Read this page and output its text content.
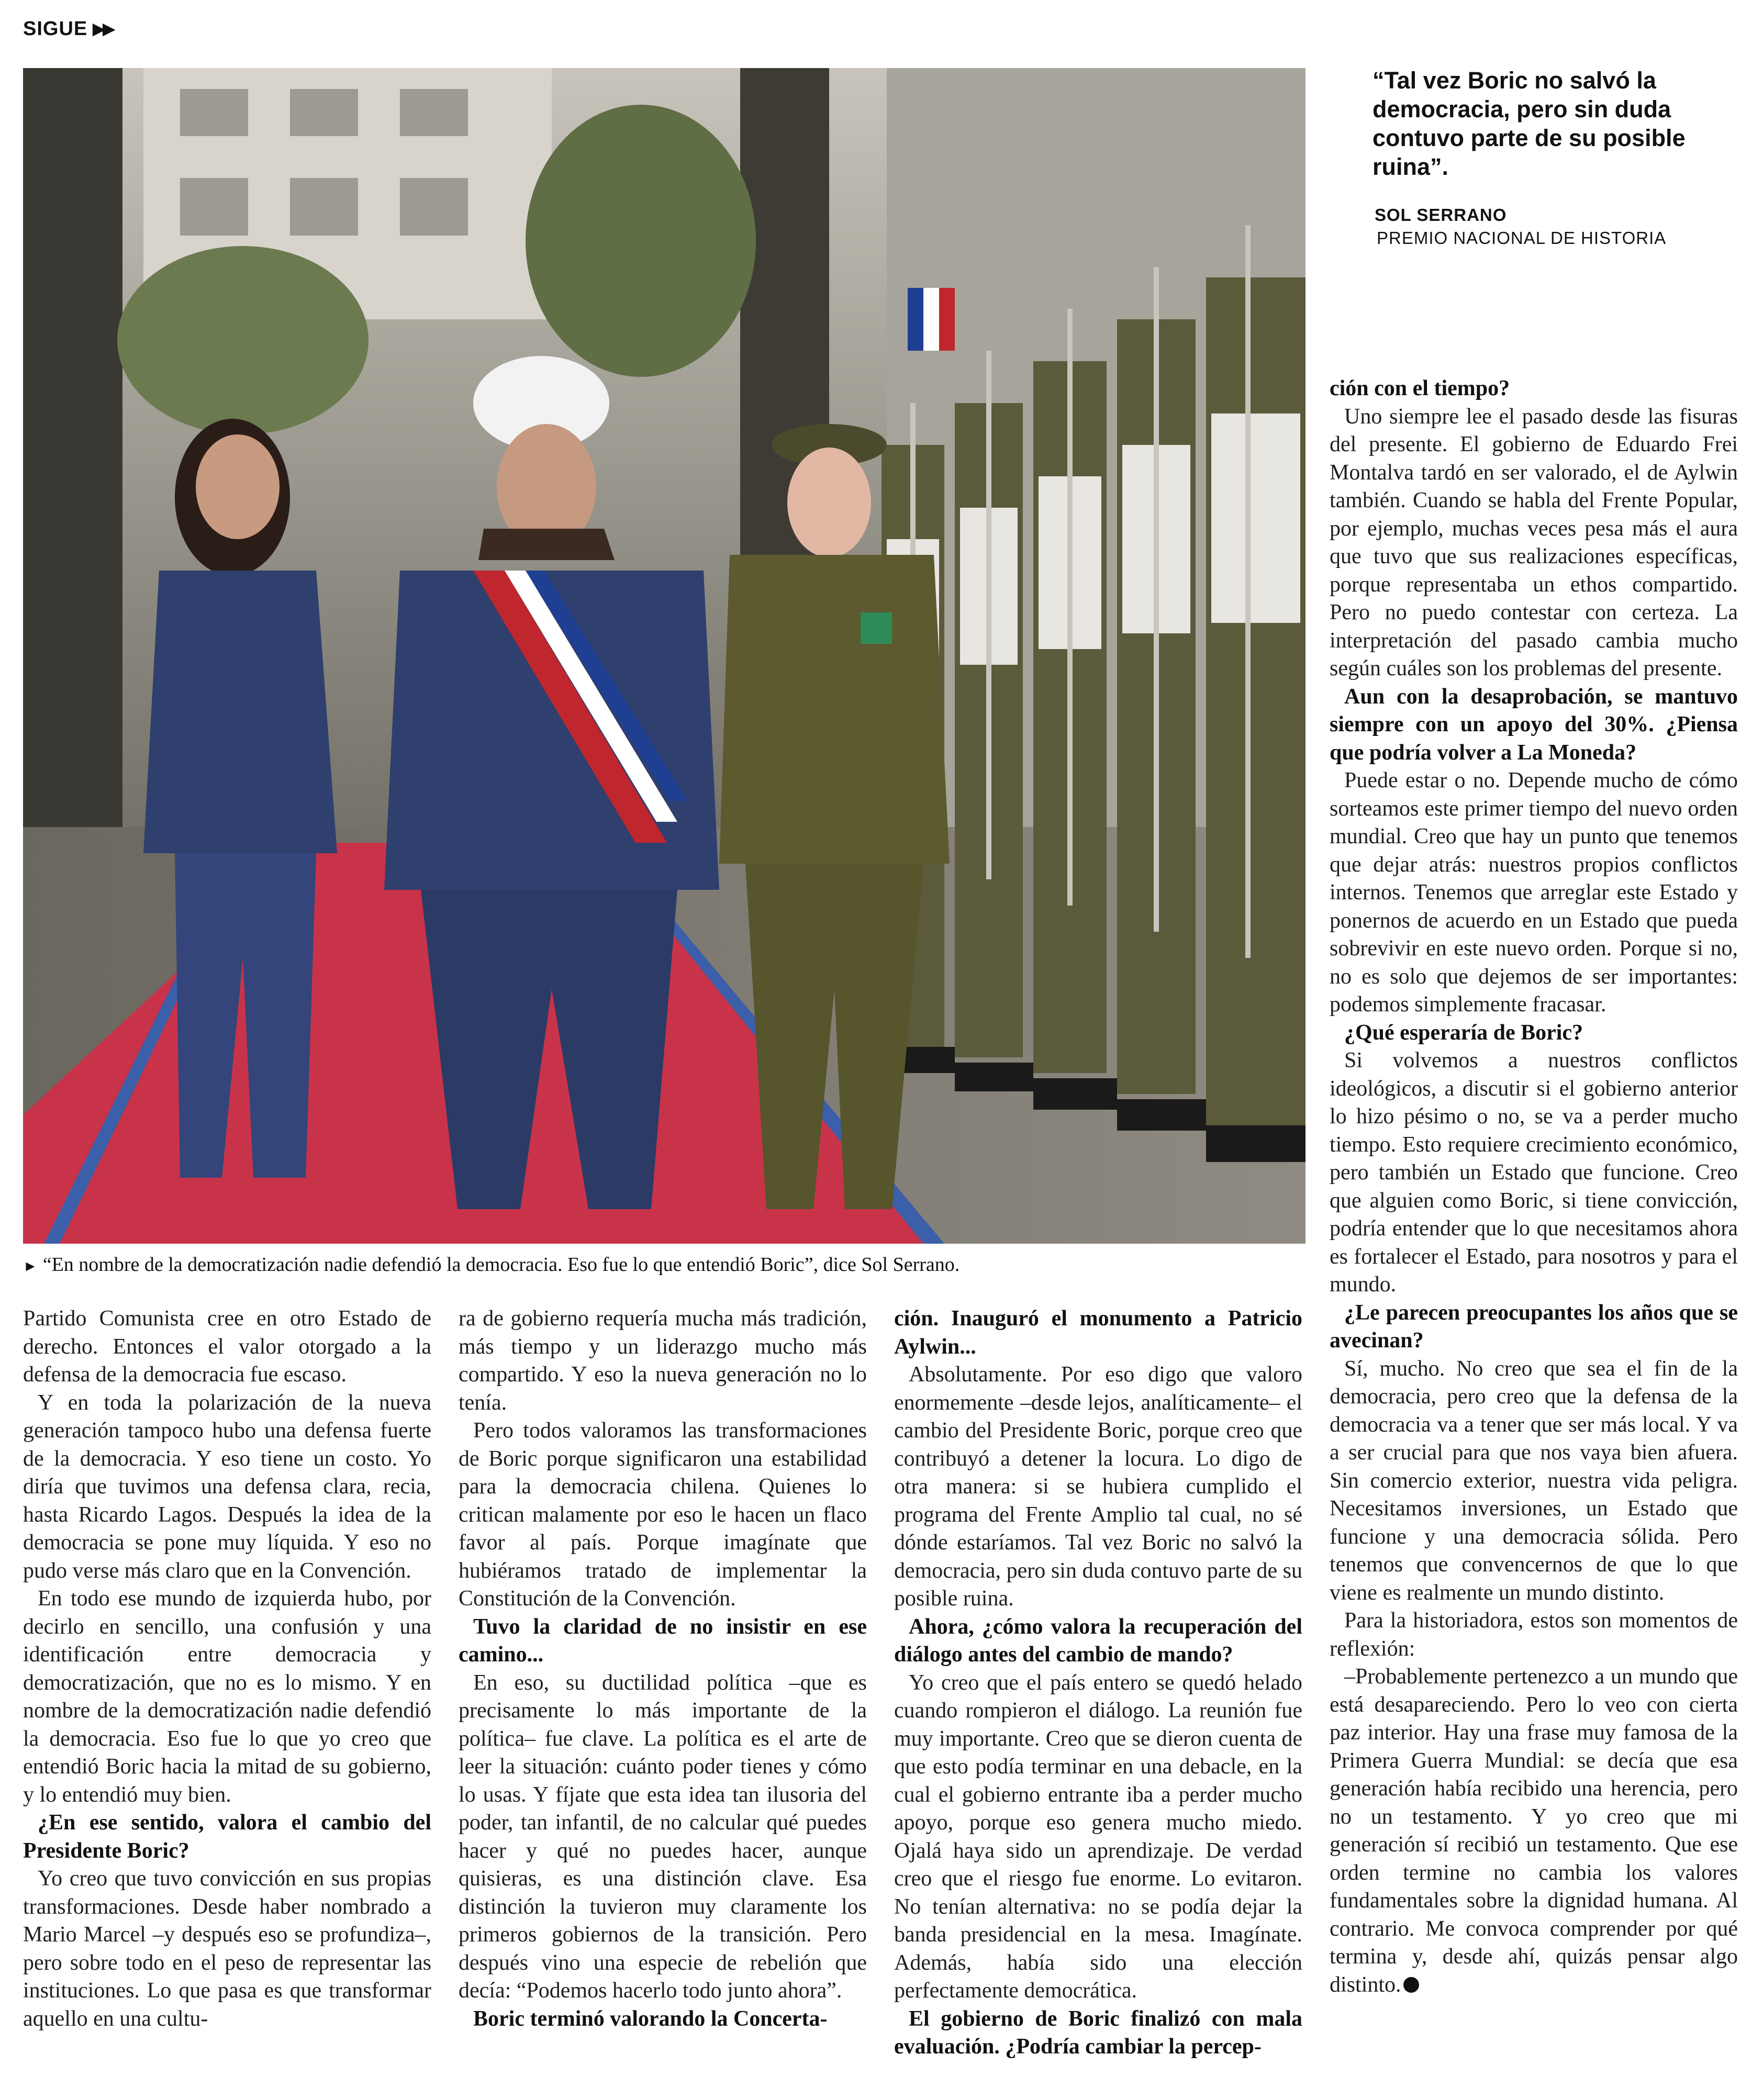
SIGUE ▶▶
► “En nombre de la democratización nadie defendió la democracia. Eso fue lo que entendió Boric”, dice Sol Serrano.
“Tal vez Boric no salvó la democracia, pero sin duda contuvo parte de su posible ruina”.
SOL SERRANO
PREMIO NACIONAL DE HISTORIA

Partido Comunista cree en otro Estado de derecho. Entonces el valor otorgado a la defensa de la democracia fue escaso.

Y en toda la polarización de la nueva generación tampoco hubo una defensa fuerte de la democracia. Y eso tiene un costo. Yo diría que tuvimos una defensa clara, recia, hasta Ricardo Lagos. Después la idea de la democracia se pone muy líquida. Y eso no pudo verse más claro que en la Convención.

En todo ese mundo de izquierda hubo, por decirlo en sencillo, una confusión y una identificación entre democracia y democratización, que no es lo mismo. Y en nombre de la democratización nadie defendió la democracia. Eso fue lo que yo creo que entendió Boric hacia la mitad de su gobierno, y lo entendió muy bien.

¿En ese sentido, valora el cambio del Presidente Boric?

Yo creo que tuvo convicción en sus propias transformaciones. Desde haber nombrado a Mario Marcel –y después eso se profundiza–, pero sobre todo en el peso de representar las instituciones. Lo que pasa es que transformar aquello en una cultu-

ra de gobierno requería mucha más tradición, más tiempo y un liderazgo mucho más compartido. Y eso la nueva generación no lo tenía.

Pero todos valoramos las transformaciones de Boric porque significaron una estabilidad para la democracia chilena. Quienes lo critican malamente por eso le hacen un flaco favor al país. Porque imagínate que hubiéramos tratado de implementar la Constitución de la Convención.

Tuvo la claridad de no insistir en ese camino...

En eso, su ductilidad política –que es precisamente lo más importante de la política– fue clave. La política es el arte de leer la situación: cuánto poder tienes y cómo lo usas. Y fíjate que esta idea tan ilusoria del poder, tan infantil, de no calcular qué puedes hacer y qué no puedes hacer, aunque quisieras, es una distinción clave. Esa distinción la tuvieron muy claramente los primeros gobiernos de la transición. Pero después vino una especie de rebelión que decía: “Podemos hacerlo todo junto ahora”.

Boric terminó valorando la Concerta-

ción. Inauguró el monumento a Patricio Aylwin...

Absolutamente. Por eso digo que valoro enormemente –desde lejos, analíticamente– el cambio del Presidente Boric, porque creo que contribuyó a detener la locura. Lo digo de otra manera: si se hubiera cumplido el programa del Frente Amplio tal cual, no sé dónde estaríamos. Tal vez Boric no salvó la democracia, pero sin duda contuvo parte de su posible ruina.

Ahora, ¿cómo valora la recuperación del diálogo antes del cambio de mando?

Yo creo que el país entero se quedó helado cuando rompieron el diálogo. La reunión fue muy importante. Creo que se dieron cuenta de que esto podía terminar en una debacle, en la cual el gobierno entrante iba a perder mucho apoyo, porque eso genera mucho miedo. Ojalá haya sido un aprendizaje. De verdad creo que el riesgo fue enorme. Lo evitaron. No tenían alternativa: no se podía dejar la banda presidencial en la mesa. Imagínate. Además, había sido una elección perfectamente democrática.

El gobierno de Boric finalizó con mala evaluación. ¿Podría cambiar la percep-

ción con el tiempo?

Uno siempre lee el pasado desde las fisuras del presente. El gobierno de Eduardo Frei Montalva tardó en ser valorado, el de Aylwin también. Cuando se habla del Frente Popular, por ejemplo, muchas veces pesa más el aura que tuvo que sus realizaciones específicas, porque representaba un ethos compartido. Pero no puedo contestar con certeza. La interpretación del pasado cambia mucho según cuáles son los problemas del presente.

Aun con la desaprobación, se mantuvo siempre con un apoyo del 30%. ¿Piensa que podría volver a La Moneda?

Puede estar o no. Depende mucho de cómo sorteamos este primer tiempo del nuevo orden mundial. Creo que hay un punto que tenemos que dejar atrás: nuestros propios conflictos internos. Tenemos que arreglar este Estado y ponernos de acuerdo en un Estado que pueda sobrevivir en este nuevo orden. Porque si no, no es solo que dejemos de ser importantes: podemos simplemente fracasar.

¿Qué esperaría de Boric?

Si volvemos a nuestros conflictos ideológicos, a discutir si el gobierno anterior lo hizo pésimo o no, se va a perder mucho tiempo. Esto requiere crecimiento económico, pero también un Estado que funcione. Creo que alguien como Boric, si tiene convicción, podría entender que lo que necesitamos ahora es fortalecer el Estado, para nosotros y para el mundo.

¿Le parecen preocupantes los años que se avecinan?

Sí, mucho. No creo que sea el fin de la democracia, pero creo que la defensa de la democracia va a tener que ser más local. Y va a ser crucial para que nos vaya bien afuera. Sin comercio exterior, nuestra vida peligra. Necesitamos inversiones, un Estado que funcione y una democracia sólida. Pero tenemos que convencernos de que lo que viene es realmente un mundo distinto.

Para la historiadora, estos son momentos de reflexión:

–Probablemente pertenezco a un mundo que está desapareciendo. Pero lo veo con cierta paz interior. Hay una frase muy famosa de la Primera Guerra Mundial: se decía que esa generación había recibido una herencia, pero no un testamento. Y yo creo que mi generación sí recibió un testamento. Que ese orden termine no cambia los valores fundamentales sobre la dignidad humana. Al contrario. Me convoca comprender por qué termina y, desde ahí, quizás pensar algo distinto.
